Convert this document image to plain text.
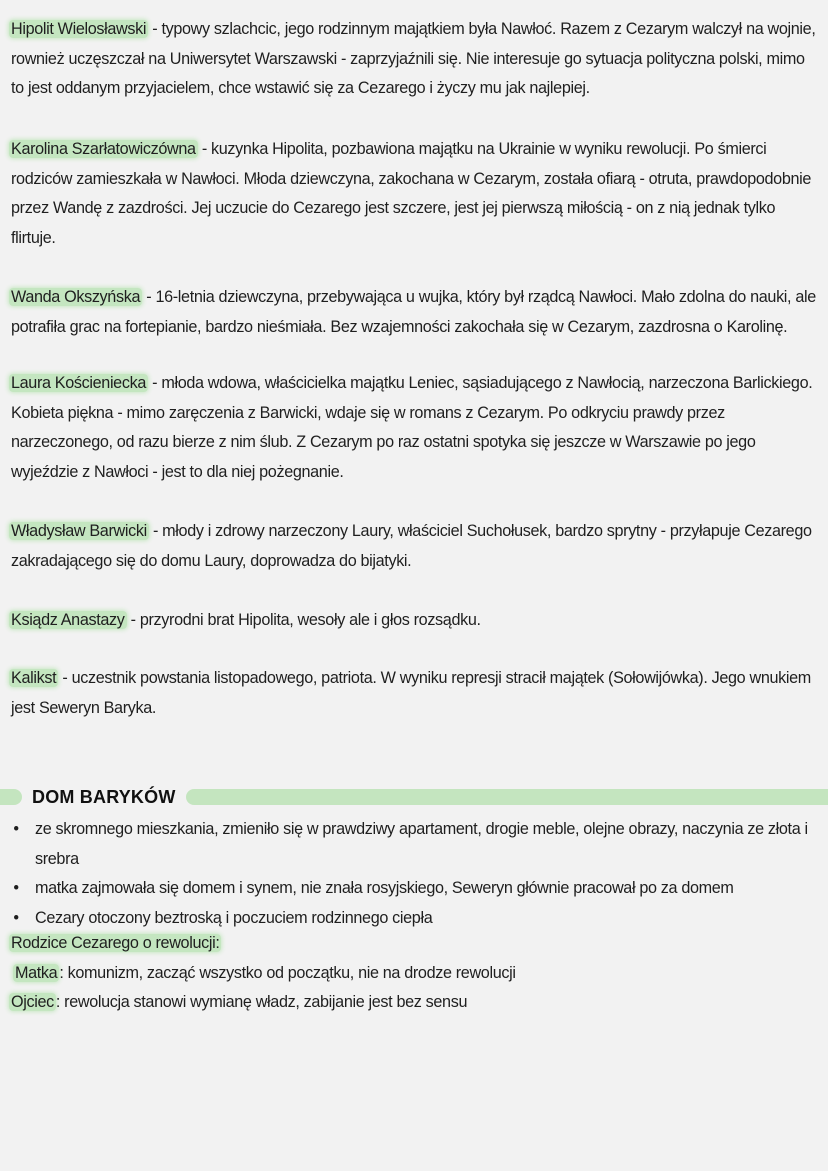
Hipolit Wielosławski - typowy szlachcic, jego rodzinnym majątkiem była Nawłoć. Razem z Cezarym walczył na wojnie, rownież uczęszczał na Uniwersytet Warszawski - zaprzyjaźnili się. Nie interesuje go sytuacja polityczna polski, mimo to jest oddanym przyjacielem, chce wstawić się za Cezarego i życzy mu jak najlepiej.
Karolina Szarłatowiczówna - kuzynka Hipolita, pozbawiona majątku na Ukrainie w wyniku rewolucji. Po śmierci rodziców zamieszkała w Nawłoci. Młoda dziewczyna, zakochana w Cezarym, została ofiarą - otruta, prawdopodobnie przez Wandę z zazdrości. Jej uczucie do Cezarego jest szczere, jest jej pierwszą miłością - on z nią jednak tylko flirtuje.
Wanda Okszyńska - 16-letnia dziewczyna, przebywająca u wujka, który był rządcą Nawłoci. Mało zdolna do nauki, ale potrafiła grac na fortepianie, bardzo nieśmiała. Bez wzajemności zakochała się w Cezarym, zazdrosna o Karolinę.
Laura Kościeniecka - młoda wdowa, właścicielka majątku Leniec, sąsiadującego z Nawłocią, narzeczona Barlickiego. Kobieta piękna - mimo zaręczenia z Barwicki, wdaje się w romans z Cezarym. Po odkryciu prawdy przez narzeczonego, od razu bierze z nim ślub. Z Cezarym po raz ostatni spotyka się jeszcze w Warszawie po jego wyjeździe z Nawłoci - jest to dla niej pożegnanie.
Władysław Barwicki - młody i zdrowy narzeczony Laury, właściciel Suchołusek, bardzo sprytny - przyłapuje Cezarego zakradającego się do domu Laury, doprowadza do bijatyki.
Ksiądz Anastazy - przyrodni brat Hipolita, wesoły ale i głos rozsądku.
Kalikst - uczestnik powstania listopadowego, patriota. W wyniku represji stracił majątek (Sołowijówka). Jego wnukiem jest Seweryn Baryka.
DOM BARYKÓW
• ze skromnego mieszkania, zmieniło się w prawdziwy apartament, drogie meble, olejne obrazy, naczynia ze złota i srebra
• matka zajmowała się domem i synem, nie znała rosyjskiego, Seweryn głównie pracował po za domem
• Cezary otoczony beztroską i poczuciem rodzinnego ciepła
Rodzice Cezarego o rewolucji:
Matka : komunizm, zacząć wszystko od początku, nie na drodze rewolucji
Ojciec : rewolucja stanowi wymianę władz, zabijanie jest bez sensu
